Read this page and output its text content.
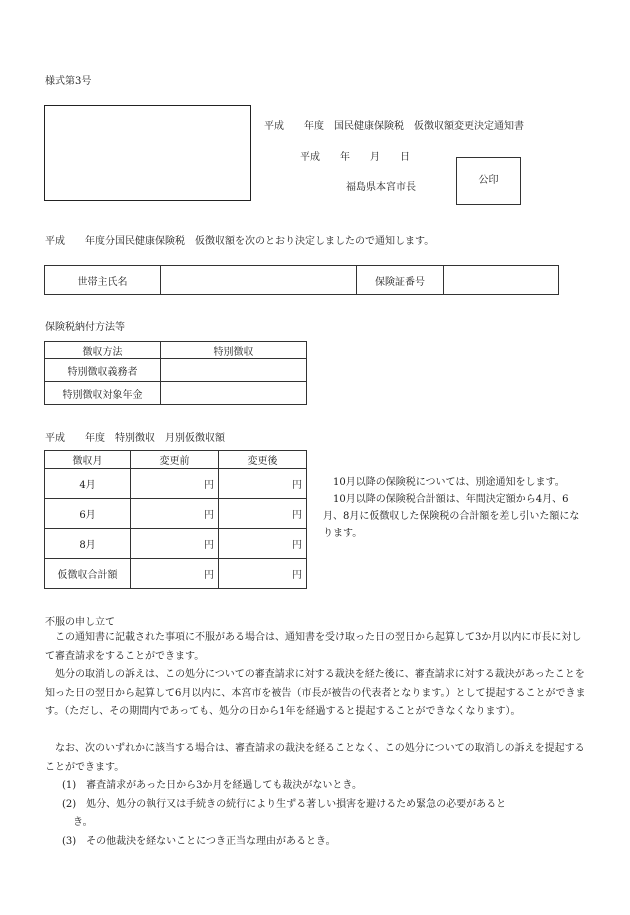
様式第3号
平成　　年度　国民健康保険税　仮徴収額変更決定通知書
平成　　年　　月　　日
福島県本宮市長
公印
平成　　年度分国民健康保険税　仮徴収額を次のとおり決定しましたので通知します。
世帯主氏名		保険証番号	
保険税納付方法等
徴収方法	特別徴収
特別徴収義務者	
特別徴収対象年金	
平成　　年度　特別徴収　月別仮徴収額
徴収月	変更前	変更後
4月	円	円
6月	円	円
8月	円	円
仮徴収合計額	円	円
10月以降の保険税については、別途通知をします。
10月以降の保険税合計額は、年間決定額から4月、6月、8月に仮徴収した保険税の合計額を差し引いた額になります。
不服の申し立て
この通知書に記載された事項に不服がある場合は、通知書を受け取った日の翌日から起算して3か月以内に市長に対して審査請求をすることができます。
処分の取消しの訴えは、この処分についての審査請求に対する裁決を経た後に、審査請求に対する裁決があったことを知った日の翌日から起算して6月以内に、本宮市を被告（市長が被告の代表者となります。）として提起することができます。（ただし、その期間内であっても、処分の日から1年を経過すると提起することができなくなります）。
なお、次のいずれかに該当する場合は、審査請求の裁決を経ることなく、この処分についての取消しの訴えを提起することができます。
(1)　審査請求があった日から3か月を経過しても裁決がないとき。
(2)　処分、処分の執行又は手続きの続行により生ずる著しい損害を避けるため緊急の必要があると
き。
(3)　その他裁決を経ないことにつき正当な理由があるとき。
